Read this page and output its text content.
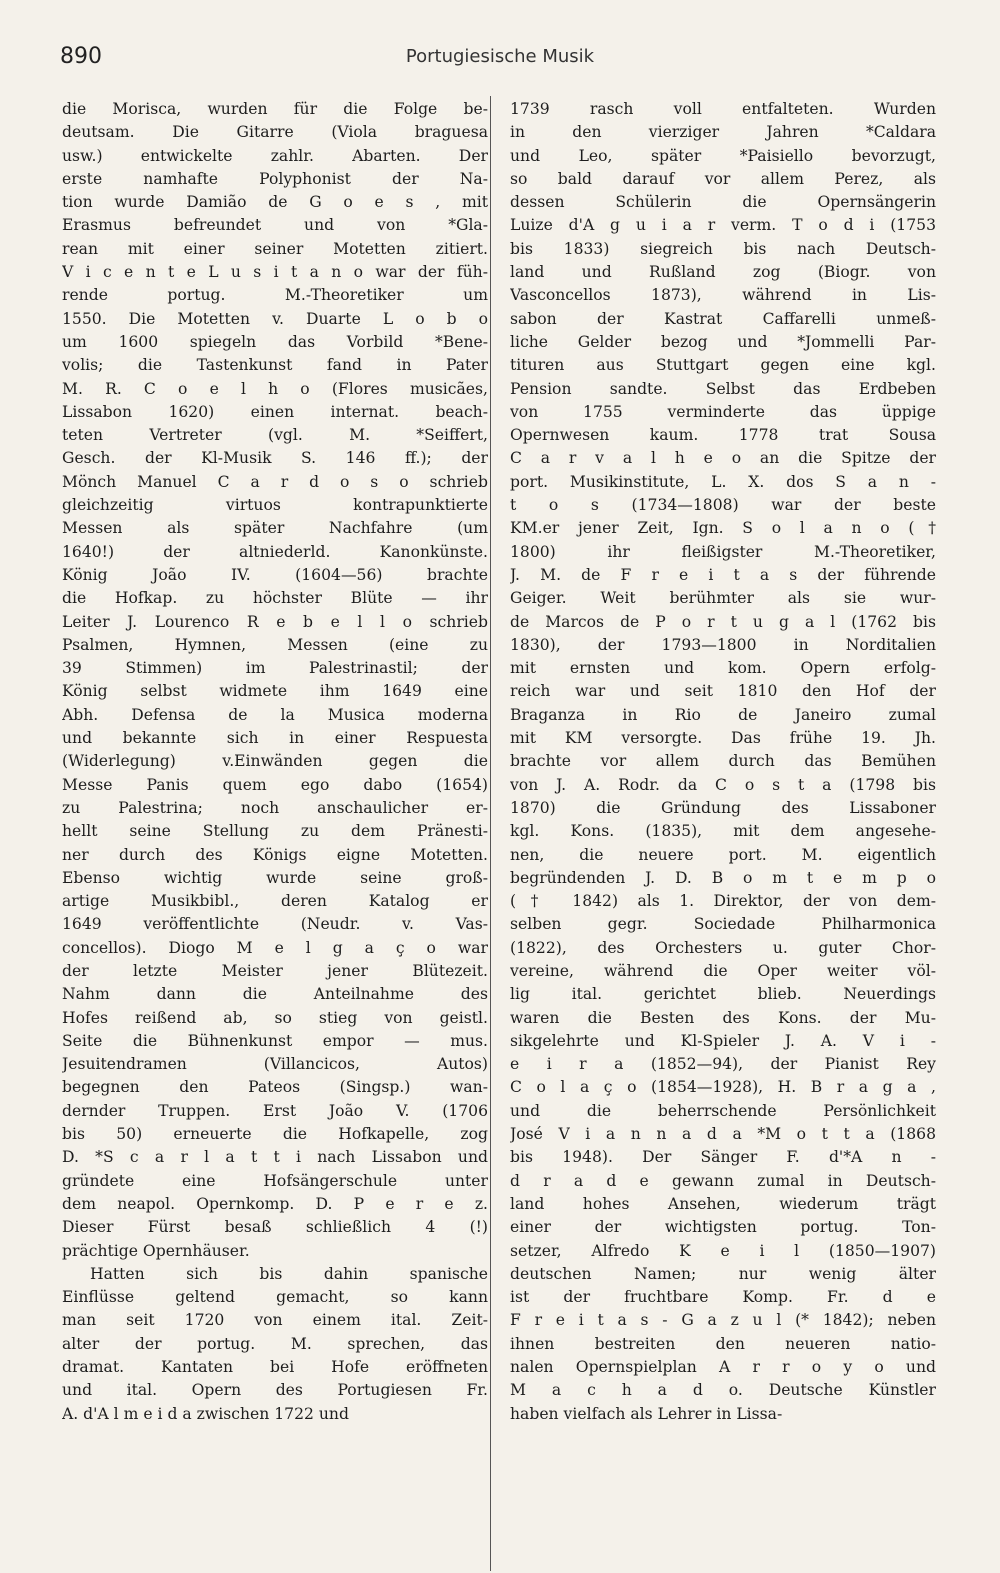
890	Portugiesische Musik
die Morisca, wurden für die Folge be-
deutsam. Die Gitarre (Viola braguesa
usw.) entwickelte zahlr. Abarten. Der
erste namhafte Polyphonist der Na-
tion wurde Damião de G o e s , mit
Erasmus befreundet und von *Gla-
rean mit einer seiner Motetten zitiert.
V i c e n t e L u s i t a n o war der füh-
rende portug. M.-Theoretiker um
1550. Die Motetten v. Duarte L o b o
um 1600 spiegeln das Vorbild *Bene-
volis; die Tastenkunst fand in Pater
M. R. C o e l h o (Flores musicães,
Lissabon 1620) einen internat. beach-
teten Vertreter (vgl. M. *Seiffert,
Gesch. der Kl-Musik S. 146 ff.); der
Mönch Manuel C a r d o s o schrieb
gleichzeitig virtuos kontrapunktierte
Messen als später Nachfahre (um
1640!) der altniederld. Kanonkünste.
König João IV. (1604—56) brachte
die Hofkap. zu höchster Blüte — ihr
Leiter J. Lourenco R e b e l l o schrieb
Psalmen, Hymnen, Messen (eine zu
39 Stimmen) im Palestrinastil; der
König selbst widmete ihm 1649 eine
Abh. Defensa de la Musica moderna
und bekannte sich in einer Respuesta
(Widerlegung) v.Einwänden gegen die
Messe Panis quem ego dabo (1654)
zu Palestrina; noch anschaulicher er-
hellt seine Stellung zu dem Pränesti-
ner durch des Königs eigne Motetten.
Ebenso wichtig wurde seine groß-
artige Musikbibl., deren Katalog er
1649 veröffentlichte (Neudr. v. Vas-
concellos). Diogo M e l g a ç o war
der letzte Meister jener Blütezeit.
Nahm dann die Anteilnahme des
Hofes reißend ab, so stieg von geistl.
Seite die Bühnenkunst empor — mus.
Jesuitendramen (Villancicos, Autos)
begegnen den Pateos (Singsp.) wan-
dernder Truppen. Erst João V. (1706
bis 50) erneuerte die Hofkapelle, zog
D. *S c a r l a t t i nach Lissabon und
gründete eine Hofsängerschule unter
dem neapol. Opernkomp. D. P e r e z.
Dieser Fürst besaß schließlich 4 (!)
prächtige Opernhäuser.
Hatten sich bis dahin spanische
Einflüsse geltend gemacht, so kann
man seit 1720 von einem ital. Zeit-
alter der portug. M. sprechen, das
dramat. Kantaten bei Hofe eröffneten
und ital. Opern des Portugiesen Fr.
A. d'A l m e i d a zwischen 1722 und
1739 rasch voll entfalteten. Wurden
in den vierziger Jahren *Caldara
und Leo, später *Paisiello bevorzugt,
so bald darauf vor allem Perez, als
dessen Schülerin die Opernsängerin
Luize d'A g u i a r verm. T o d i (1753
bis 1833) siegreich bis nach Deutsch-
land und Rußland zog (Biogr. von
Vasconcellos 1873), während in Lis-
sabon der Kastrat Caffarelli unmeß-
liche Gelder bezog und *Jommelli Par-
tituren aus Stuttgart gegen eine kgl.
Pension sandte. Selbst das Erdbeben
von 1755 verminderte das üppige
Opernwesen kaum. 1778 trat Sousa
C a r v a l h e o an die Spitze der
port. Musikinstitute, L. X. dos S a n -
t o s (1734—1808) war der beste
KM.er jener Zeit, Ign. S o l a n o (†
1800) ihr fleißigster M.-Theoretiker,
J. M. de F r e i t a s der führende
Geiger. Weit berühmter als sie wur-
de Marcos de P o r t u g a l (1762 bis
1830), der 1793—1800 in Norditalien
mit ernsten und kom. Opern erfolg-
reich war und seit 1810 den Hof der
Braganza in Rio de Janeiro zumal
mit KM versorgte. Das frühe 19. Jh.
brachte vor allem durch das Bemühen
von J. A. Rodr. da C o s t a (1798 bis
1870) die Gründung des Lissaboner
kgl. Kons. (1835), mit dem angesehe-
nen, die neuere port. M. eigentlich
begründenden J. D. B o m t e m p o
(† 1842) als 1. Direktor, der von dem-
selben gegr. Sociedade Philharmonica
(1822), des Orchesters u. guter Chor-
vereine, während die Oper weiter völ-
lig ital. gerichtet blieb. Neuerdings
waren die Besten des Kons. der Mu-
sikgelehrte und Kl-Spieler J. A. V i -
e i r a (1852—94), der Pianist Rey
C o l a ç o (1854—1928), H. B r a g a ,
und die beherrschende Persönlichkeit
José V i a n n a d a *M o t t a (1868
bis 1948). Der Sänger F. d'*A n -
d r a d e gewann zumal in Deutsch-
land hohes Ansehen, wiederum trägt
einer der wichtigsten portug. Ton-
setzer, Alfredo K e i l (1850—1907)
deutschen Namen; nur wenig älter
ist der fruchtbare Komp. Fr. d e
F r e i t a s - G a z u l (* 1842); neben
ihnen bestreiten den neueren natio-
nalen Opernspielplan A r r o y o und
M a c h a d o. Deutsche Künstler
haben vielfach als Lehrer in Lissa-
